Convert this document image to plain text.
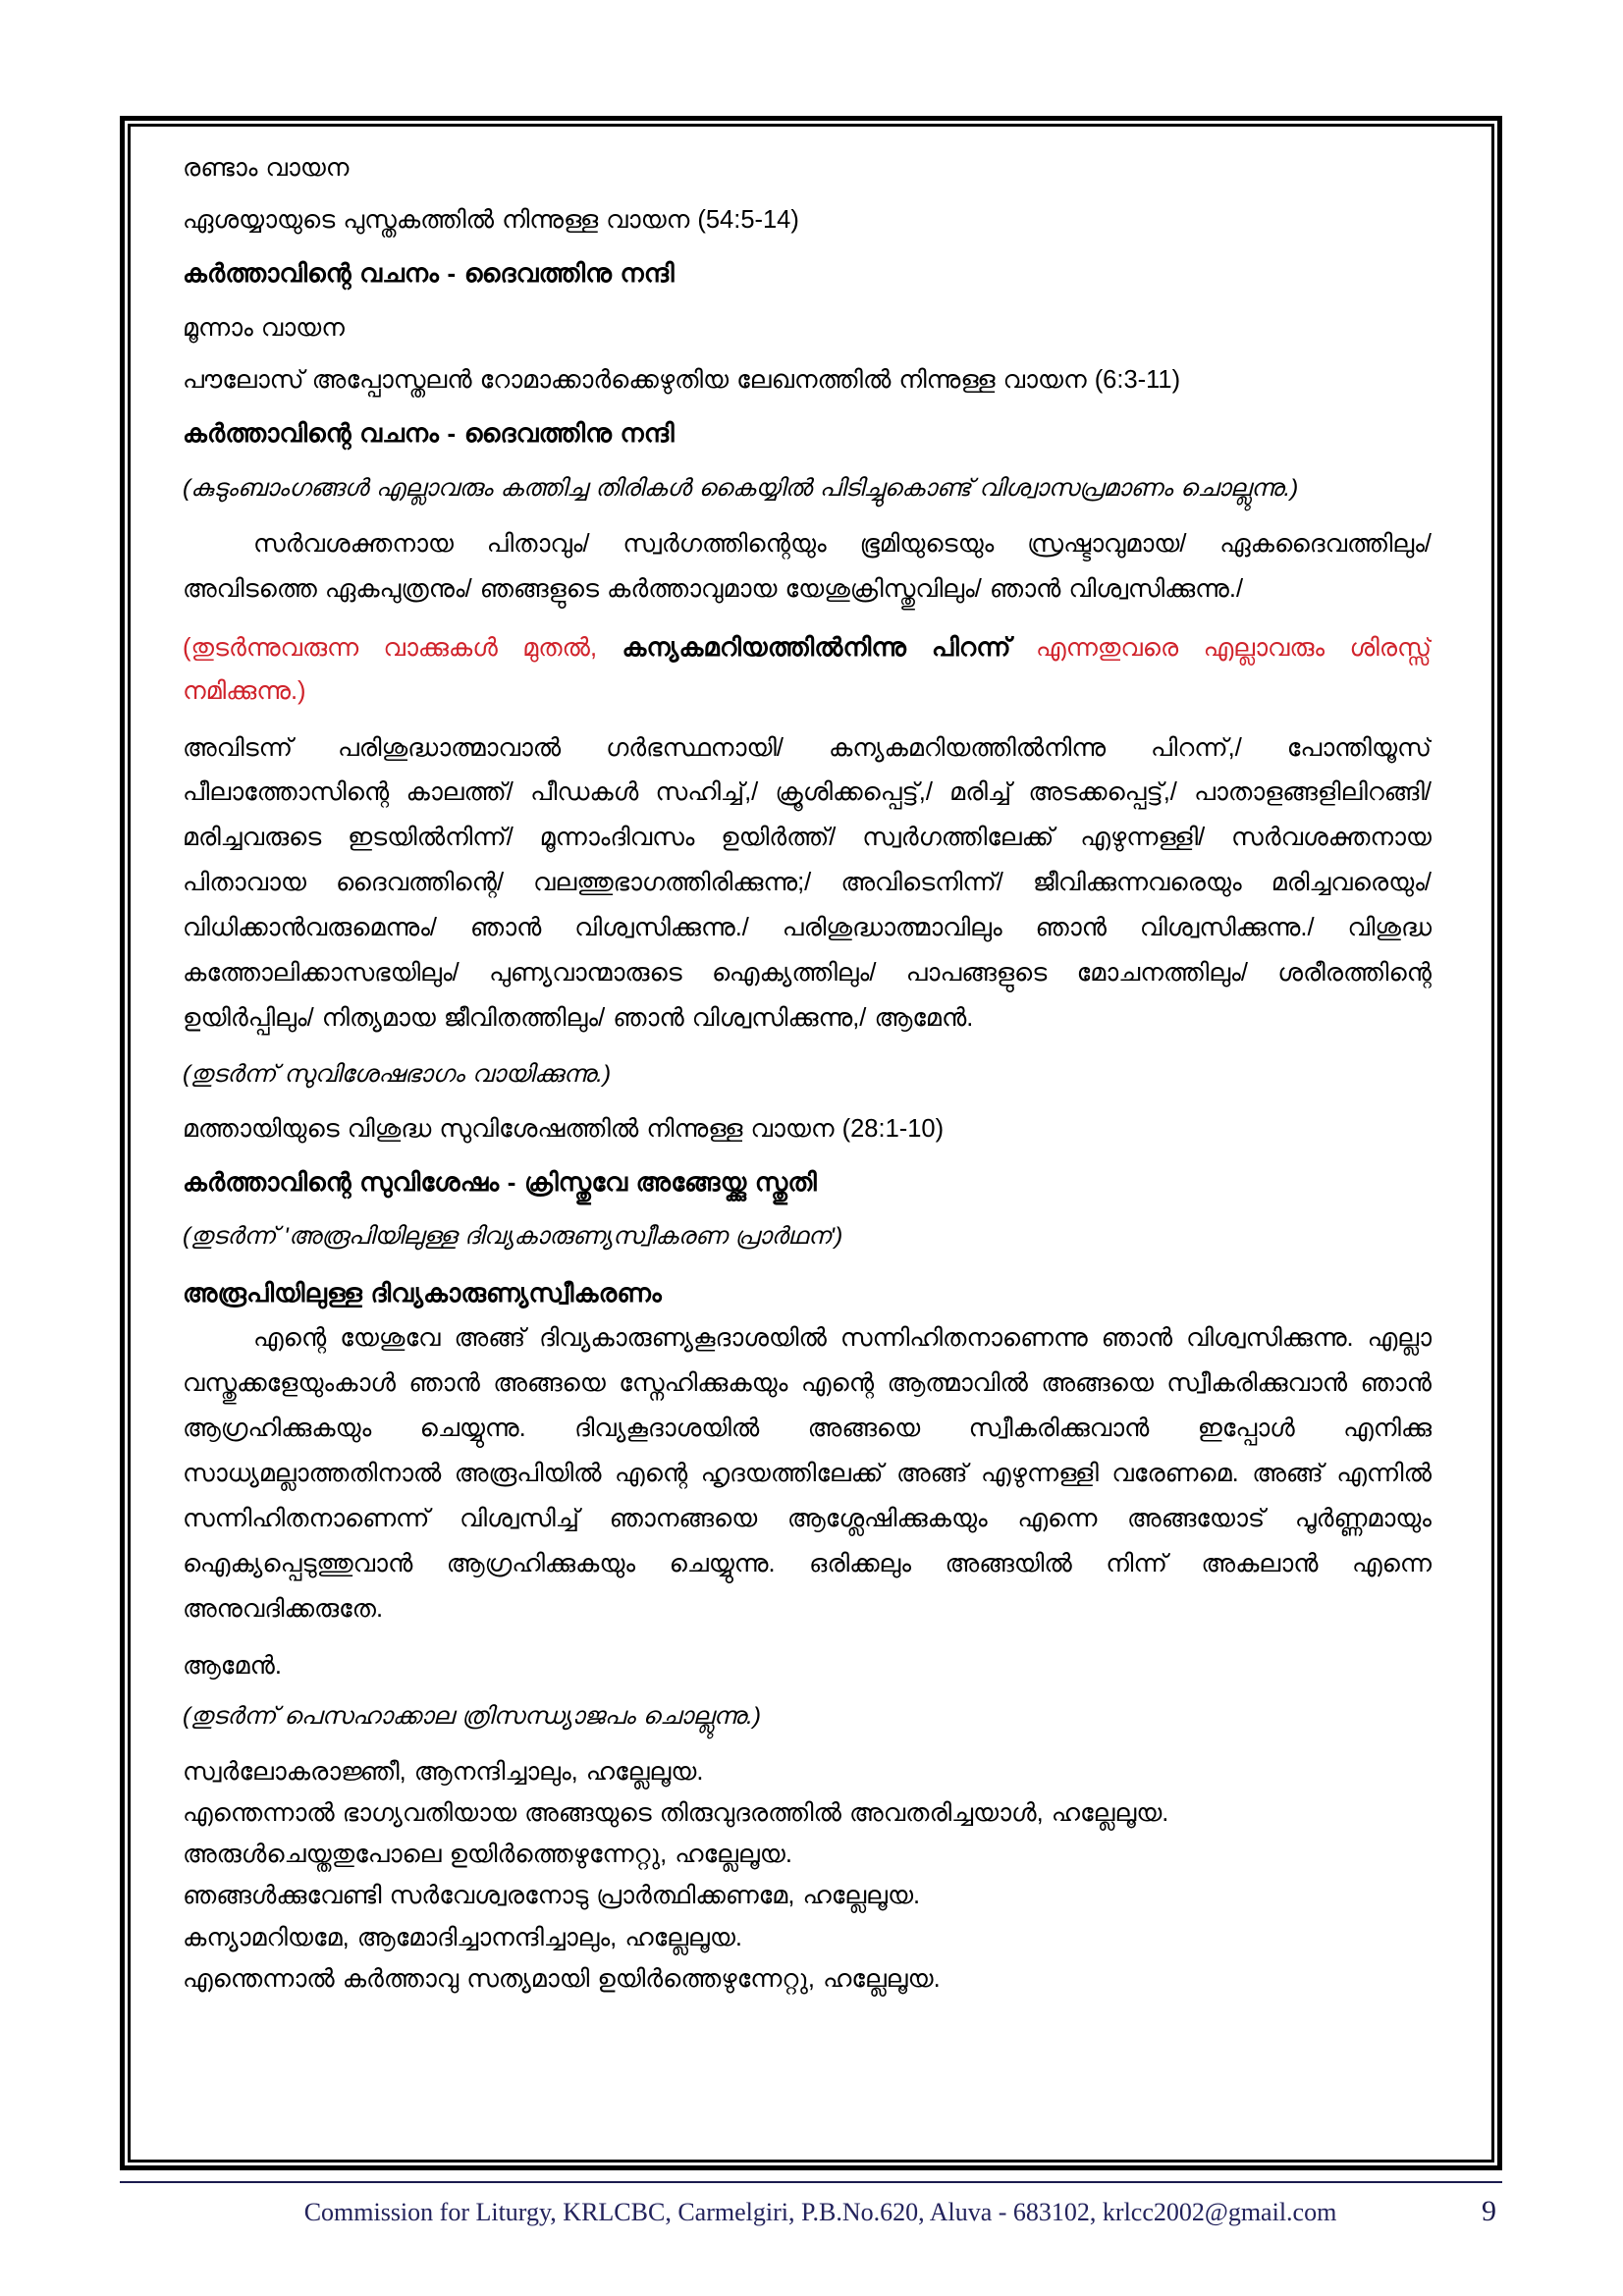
രണ്ടാം വായന

ഏശയ്യായുടെ പുസ്തകത്തിൽ നിന്നുള്ള വായന (54:5-14)

കർത്താവിന്റെ വചനം - ദൈവത്തിനു നന്ദി

മൂന്നാം വായന

പൗലോസ് അപ്പോസ്തലൻ റോമാക്കാർക്കെഴുതിയ ലേഖനത്തിൽ നിന്നുള്ള വായന (6:3-11)

കർത്താവിന്റെ വചനം - ദൈവത്തിനു നന്ദി

(കുടുംബാംഗങ്ങൾ എല്ലാവരും കത്തിച്ച തിരികൾ കൈയ്യിൽ പിടിച്ചുകൊണ്ട് വിശ്വാസപ്രമാണം ചൊല്ലുന്നു.)

സർവശക്തനായ പിതാവും/ സ്വർഗത്തിന്റെയും ഭൂമിയുടെയും സ്രഷ്ടാവുമായ/ ഏകദൈവത്തിലും/ അവിടത്തെ ഏകപുത്രനും/ ഞങ്ങളുടെ കർത്താവുമായ യേശുക്രിസ്തുവിലും/ ഞാൻ വിശ്വസിക്കുന്നു./

(തുടർന്നുവരുന്ന വാക്കുകൾ മുതൽ, കന്യകമറിയത്തിൽനിന്നു പിറന്ന് എന്നതുവരെ എല്ലാവരും ശിരസ്സ് നമിക്കുന്നു.)

അവിടന്ന് പരിശുദ്ധാത്മാവാൽ ഗർഭസ്ഥനായി/ കന്യകമറിയത്തിൽനിന്നു പിറന്ന്,/ പോന്തിയൂസ് പീലാത്തോസിന്റെ കാലത്ത്/ പീഡകൾ സഹിച്ച്,/ ക്രൂശിക്കപ്പെട്ട്,/ മരിച്ച് അടക്കപ്പെട്ട്,/ പാതാളങ്ങളിലിറങ്ങി/ മരിച്ചവരുടെ ഇടയിൽനിന്ന്/ മൂന്നാംദിവസം ഉയിർത്ത്/ സ്വർഗത്തിലേക്ക് എഴുന്നള്ളി/ സർവശക്തനായ പിതാവായ ദൈവത്തിന്റെ/ വലത്തുഭാഗത്തിരിക്കുന്നു;/ അവിടെനിന്ന്/ ജീവിക്കുന്നവരെയും മരിച്ചവരെയും/ വിധിക്കാൻവരുമെന്നും/ ഞാൻ വിശ്വസിക്കുന്നു./ പരിശുദ്ധാത്മാവിലും ഞാൻ വിശ്വസിക്കുന്നു./ വിശുദ്ധ കത്തോലിക്കാസഭയിലും/ പുണ്യവാന്മാരുടെ ഐക്യത്തിലും/ പാപങ്ങളുടെ മോചനത്തിലും/ ശരീരത്തിന്റെ ഉയിർപ്പിലും/ നിത്യമായ ജീവിതത്തിലും/ ഞാൻ വിശ്വസിക്കുന്നു,/ ആമേൻ.

(തുടർന്ന് സുവിശേഷഭാഗം വായിക്കുന്നു.)

മത്തായിയുടെ വിശുദ്ധ സുവിശേഷത്തിൽ നിന്നുള്ള വായന (28:1-10)

കർത്താവിന്റെ സുവിശേഷം - ക്രിസ്തുവേ അങ്ങേയ്ക്കു സ്തുതി

(തുടർന്ന് 'അരൂപിയിലുള്ള ദിവ്യകാരുണ്യസ്വീകരണ പ്രാർഥന')

അരൂപിയിലുള്ള ദിവ്യകാരുണ്യസ്വീകരണം

എന്റെ യേശുവേ അങ്ങ് ദിവ്യകാരുണ്യകൂദാശയിൽ സന്നിഹിതനാണെന്നു ഞാൻ വിശ്വസിക്കുന്നു. എല്ലാ വസ്തുക്കളേയുംകാൾ ഞാൻ അങ്ങയെ സ്നേഹിക്കുകയും എന്റെ ആത്മാവിൽ അങ്ങയെ സ്വീകരിക്കുവാൻ ഞാൻ ആഗ്രഹിക്കുകയും ചെയ്യുന്നു. ദിവ്യകൂദാശയിൽ അങ്ങയെ സ്വീകരിക്കുവാൻ ഇപ്പോൾ എനിക്കു സാധ്യമല്ലാത്തതിനാൽ അരൂപിയിൽ എന്റെ ഹൃദയത്തിലേക്ക് അങ്ങ് എഴുന്നള്ളി വരേണമെ. അങ്ങ് എന്നിൽ സന്നിഹിതനാണെന്ന് വിശ്വസിച്ച് ഞാനങ്ങയെ ആശ്ലേഷിക്കുകയും എന്നെ അങ്ങയോട് പൂർണ്ണമായും ഐക്യപ്പെടുത്തുവാൻ ആഗ്രഹിക്കുകയും ചെയ്യുന്നു. ഒരിക്കലും അങ്ങയിൽ നിന്ന് അകലാൻ എന്നെ അനുവദിക്കരുതേ.

ആമേൻ.

(തുടർന്ന് പെസഹാക്കാല ത്രിസന്ധ്യാജപം ചൊല്ലുന്നു.)

സ്വർലോകരാജ്ഞീ, ആനന്ദിച്ചാലും, ഹല്ലേലൂയ.

എന്തെന്നാൽ ഭാഗ്യവതിയായ അങ്ങയുടെ തിരുവുദരത്തിൽ അവതരിച്ചയാൾ, ഹല്ലേലൂയ.

അരുൾചെയ്തതുപോലെ ഉയിർത്തെഴുന്നേറ്റു, ഹല്ലേലൂയ.

ഞങ്ങൾക്കുവേണ്ടി സർവേശ്വരനോടു പ്രാർത്ഥിക്കണമേ, ഹല്ലേലൂയ.

കന്യാമറിയമേ, ആമോദിച്ചാനന്ദിച്ചാലും, ഹല്ലേലൂയ.

എന്തെന്നാൽ കർത്താവു സത്യമായി ഉയിർത്തെഴുന്നേറ്റു, ഹല്ലേലൂയ.

Commission for Liturgy, KRLCBC, Carmelgiri, P.B.No.620, Aluva - 683102, krlcc2002@gmail.com	9
